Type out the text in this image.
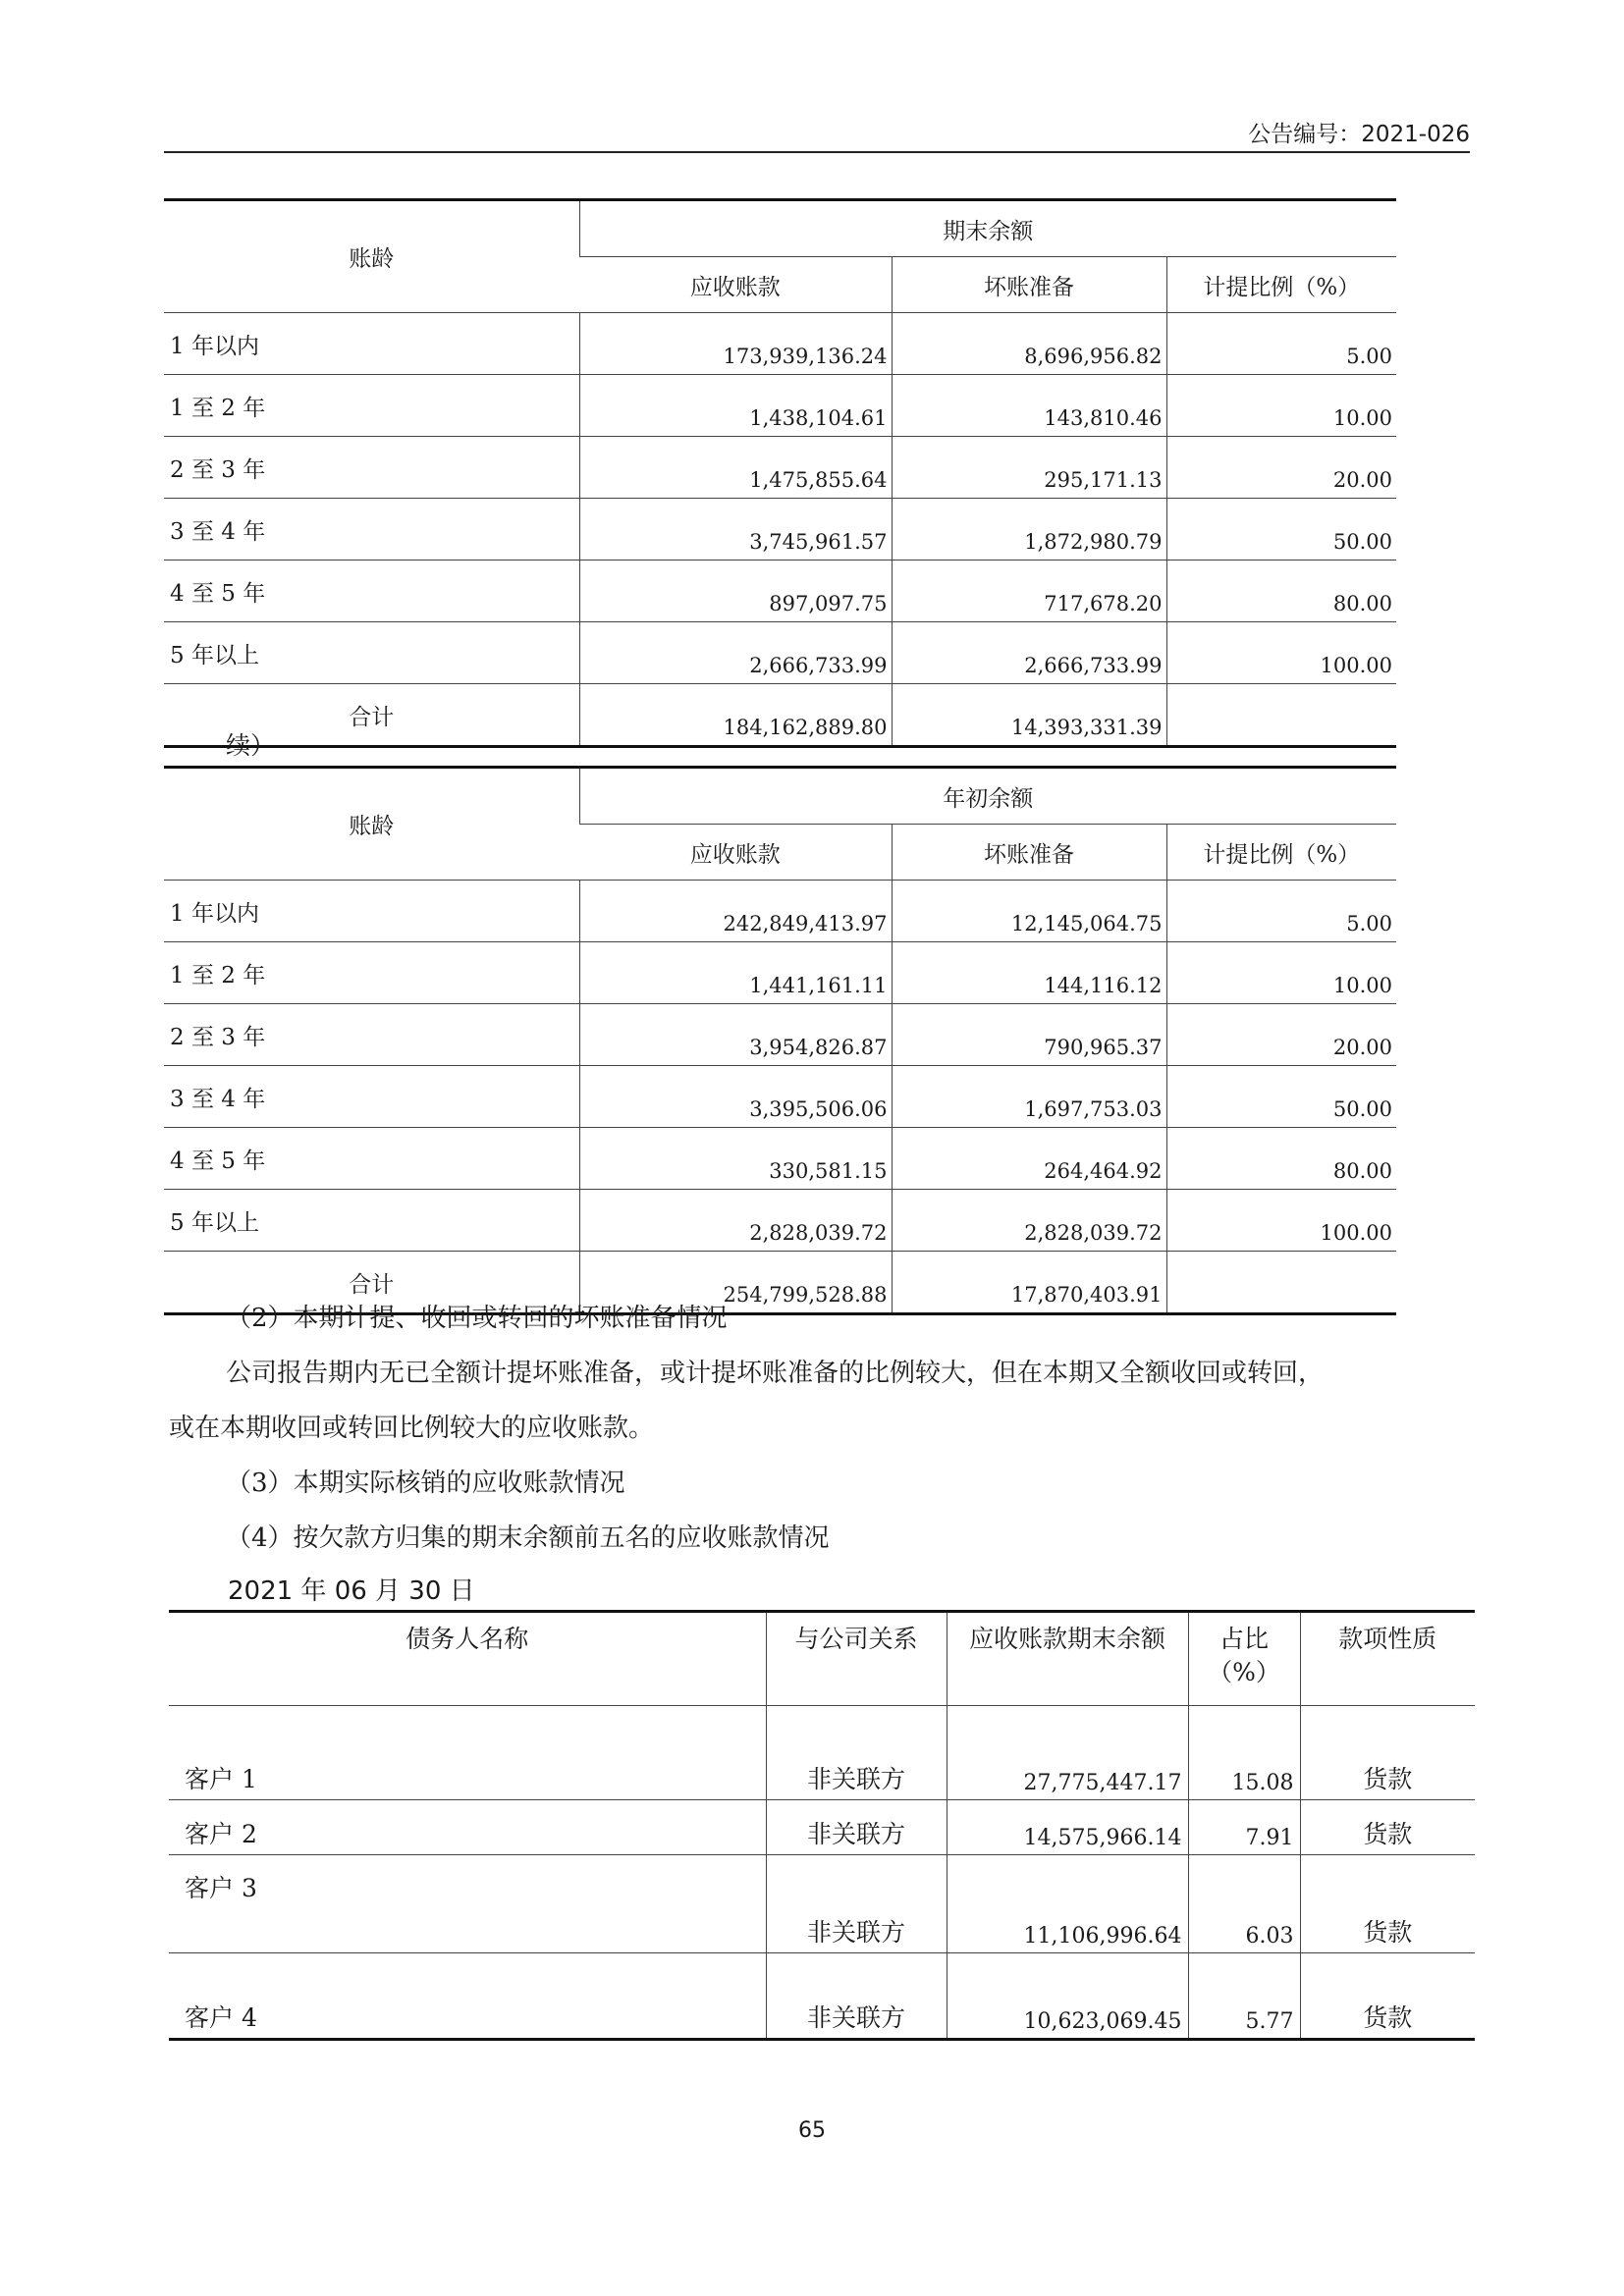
公告编号：2021-026
账龄	期末余额		
	应收账款	坏账准备	计提比例（%）
1 年以内	173,939,136.24	8,696,956.82	5.00
1 至 2 年	1,438,104.61	143,810.46	10.00
2 至 3 年	1,475,855.64	295,171.13	20.00
3 至 4 年	3,745,961.57	1,872,980.79	50.00
4 至 5 年	897,097.75	717,678.20	80.00
5 年以上	2,666,733.99	2,666,733.99	100.00
合计	184,162,889.80	14,393,331.39	
续）
账龄	年初余额		
	应收账款	坏账准备	计提比例（%）
1 年以内	242,849,413.97	12,145,064.75	5.00
1 至 2 年	1,441,161.11	144,116.12	10.00
2 至 3 年	3,954,826.87	790,965.37	20.00
3 至 4 年	3,395,506.06	1,697,753.03	50.00
4 至 5 年	330,581.15	264,464.92	80.00
5 年以上	2,828,039.72	2,828,039.72	100.00
合计	254,799,528.88	17,870,403.91	
（2）本期计提、收回或转回的坏账准备情况
公司报告期内无已全额计提坏账准备，或计提坏账准备的比例较大，但在本期又全额收回或转回，
或在本期收回或转回比例较大的应收账款。
（3）本期实际核销的应收账款情况
（4）按欠款方归集的期末余额前五名的应收账款情况
2021 年 06 月 30 日
债务人名称	与公司关系	应收账款期末余额	占比（%）	款项性质
客户 1	非关联方	27,775,447.17	15.08	货款
客户 2	非关联方	14,575,966.14	7.91	货款
客户 3	非关联方	11,106,996.64	6.03	货款
客户 4	非关联方	10,623,069.45	5.77	货款
65
